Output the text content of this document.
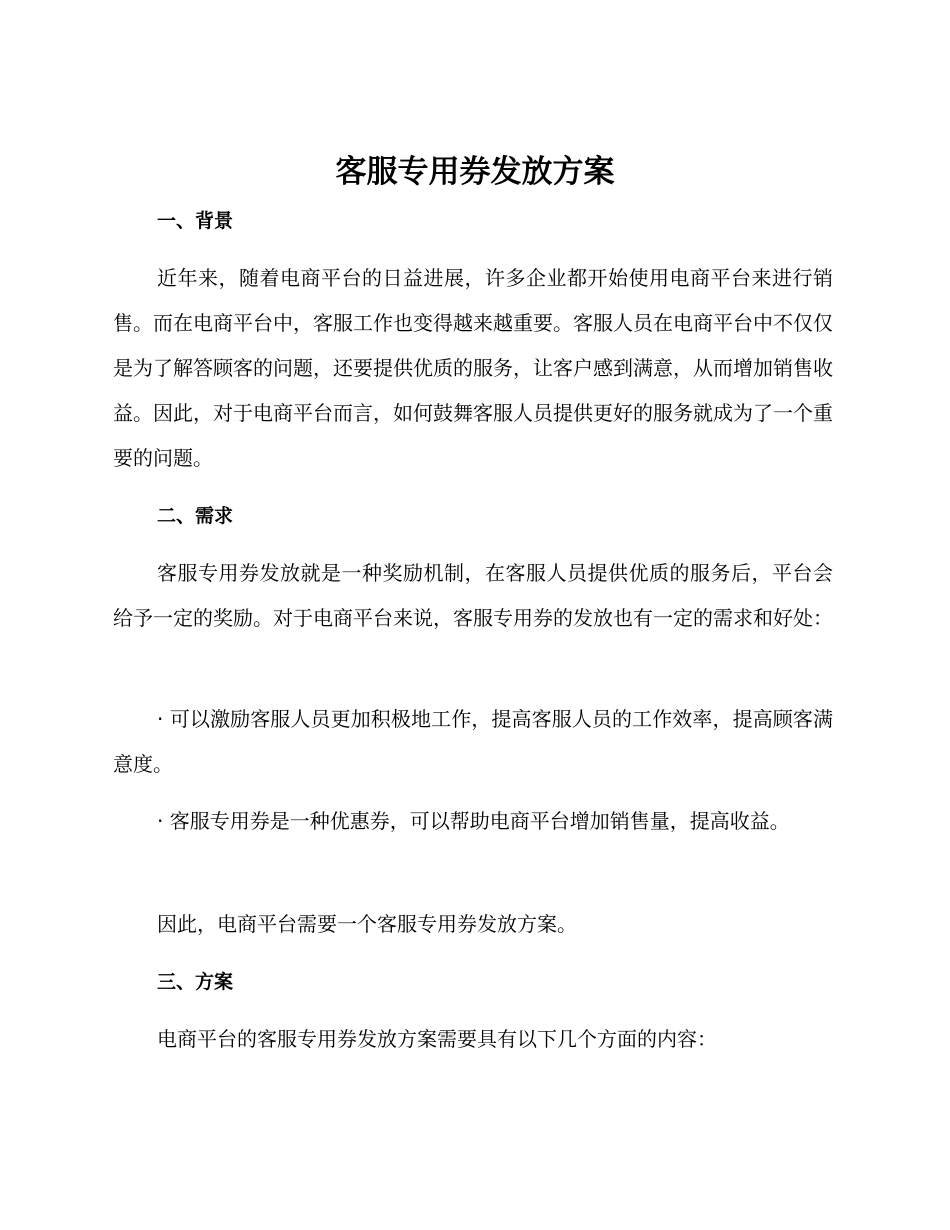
客服专用券发放方案
一、背景

近年来，随着电商平台的日益进展，许多企业都开始使用电商平台来进行销售。而在电商平台中，客服工作也变得越来越重要。客服人员在电商平台中不仅仅是为了解答顾客的问题，还要提供优质的服务，让客户感到满意，从而增加销售收益。因此，对于电商平台而言，如何鼓舞客服人员提供更好的服务就成为了一个重要的问题。

二、需求

客服专用券发放就是一种奖励机制，在客服人员提供优质的服务后，平台会给予一定的奖励。对于电商平台来说，客服专用券的发放也有一定的需求和好处：

· 可以激励客服人员更加积极地工作，提高客服人员的工作效率，提高顾客满意度。

· 客服专用券是一种优惠券，可以帮助电商平台增加销售量，提高收益。

因此，电商平台需要一个客服专用券发放方案。

三、方案

电商平台的客服专用券发放方案需要具有以下几个方面的内容：
